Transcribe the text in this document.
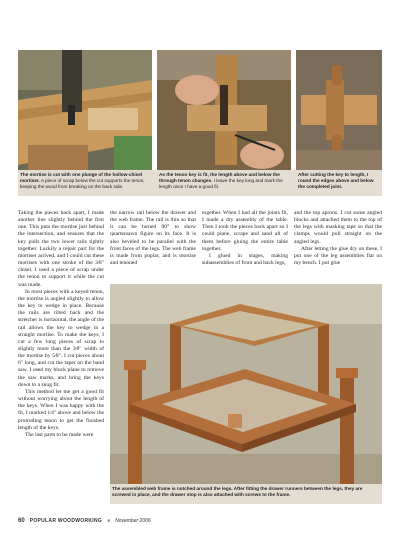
The mortise is cut with one plunge of the hollow-chisel mortiser. A piece of scrap below the cut supports the tenon, keeping the wood from breaking on the back side.
As the tenon key is fit, the length above and below the through tenon changes. I leave the key long and mark the length once I have a good fit.
After cutting the key to length, I round the edges above and below the completed joint.

Taking the pieces back apart, I made another line slightly behind the first one. This puts the mortise just behind the intersection, and ensures that the key pulls the two lower rails tightly together. Luckily a repair part for the mortiser arrived, and I could cut these mortises with one stroke of the 3⁄8" chisel. I used a piece of scrap under the tenon to support it while the cut was made.

In most pieces with a keyed tenon, the mortise is angled slightly to allow the key to wedge in place. Because the rails are tilted back and the stretcher is horizontal, the angle of the rail allows the key to wedge in a straight mortise. To make the keys, I cut a few long pieces of scrap to slightly more than the 3⁄8" width of the mortise by 5⁄8". I cut pieces about 6" long, and cut the taper on the band saw. I used my block plane to remove the saw marks, and bring the keys down to a snug fit.

This method let me get a good fit without worrying about the length of the keys. When I was happy with the fit, I marked 1⁄4" above and below the protruding tenon to get the finished length of the keys.

The last parts to be made were

the narrow rail below the drawer and the web frame. The rail is thin so that it can be turned 90° to show quartersawn figure on its face. It is also beveled to be parallel with the front faces of the legs. The web frame is made from poplar, and is mortise and tenoned

together. When I had all the joints fit, I made a dry assembly of the table. Then I took the pieces back apart so I could plane, scrape and sand all of them before gluing the entire table together.

I glued in stages, making subassemblies of front and back legs,

and the top aprons. I cut some angled blocks and attached them to the top of the legs with masking tape so that the clamps would pull straight on the angled legs.

After letting the glue dry on these, I put one of the leg assemblies flat on my bench. I put glue

The assembled web frame is notched around the legs. After fitting the drawer runners between the legs, they are screwed in place, and the drawer stop is also attached with screws to the frame.
60 POPULAR WOODWORKING ■ November 2006
